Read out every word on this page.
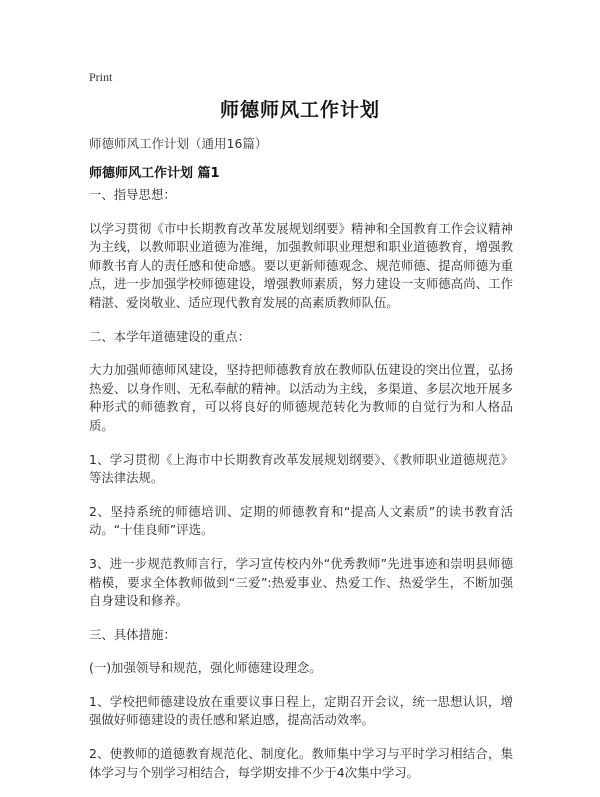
Print
师德师风工作计划

师德师风工作计划（通用16篇）

师德师风工作计划 篇1

一、指导思想：

以学习贯彻《市中长期教育改革发展规划纲要》精神和全国教育工作会议精神为主线，以教师职业道德为准绳，加强教师职业理想和职业道德教育，增强教师教书育人的责任感和使命感。要以更新师德观念、规范师德、提高师德为重点，进一步加强学校师德建设，增强教师素质，努力建设一支师德高尚、工作精湛、爱岗敬业、适应现代教育发展的高素质教师队伍。

二、本学年道德建设的重点：

大力加强师德师风建设，坚持把师德教育放在教师队伍建设的突出位置，弘扬热爱、以身作则、无私奉献的精神。以活动为主线，多渠道、多层次地开展多种形式的师德教育，可以将良好的师德规范转化为教师的自觉行为和人格品质。

1、学习贯彻《上海市中长期教育改革发展规划纲要》、《教师职业道德规范》等法律法规。

2、坚持系统的师德培训、定期的师德教育和“提高人文素质”的读书教育活动。“十佳良师”评选。

3、进一步规范教师言行，学习宣传校内外“优秀教师”先进事迹和崇明县师德楷模，要求全体教师做到“三爱”:热爱事业、热爱工作、热爱学生，不断加强自身建设和修养。

三、具体措施：

(一)加强领导和规范，强化师德建设理念。

1、学校把师德建设放在重要议事日程上，定期召开会议，统一思想认识，增强做好师德建设的责任感和紧迫感，提高活动效率。

2、使教师的道德教育规范化、制度化。教师集中学习与平时学习相结合，集体学习与个别学习相结合，每学期安排不少于4次集中学习。
